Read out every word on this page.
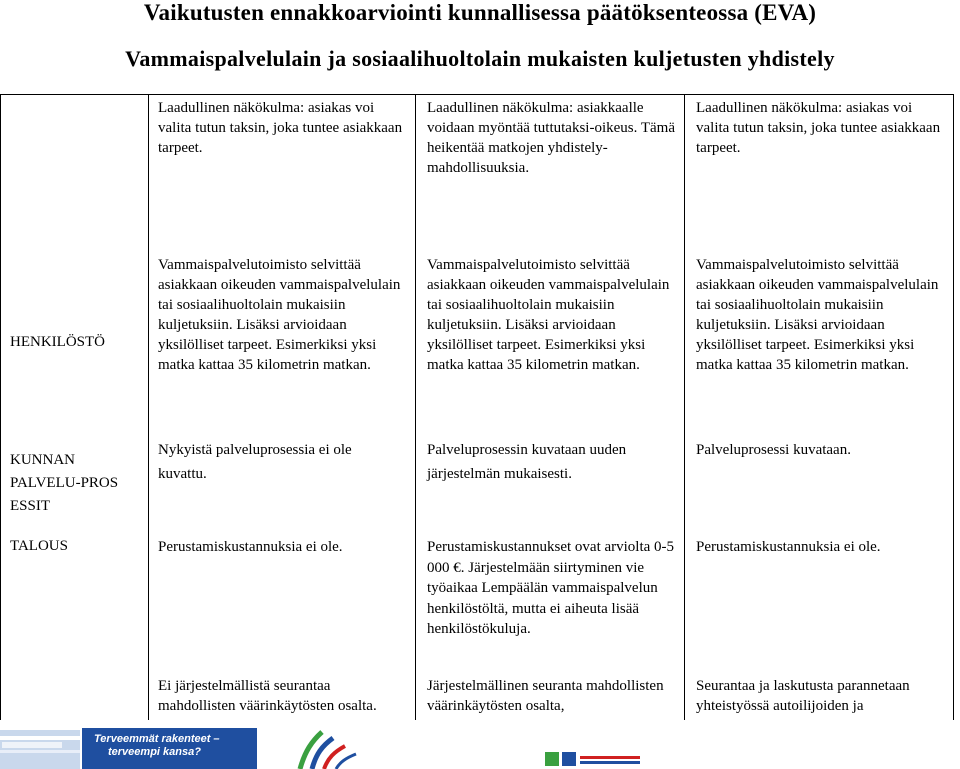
Vaikutusten ennakkoarviointi kunnallisessa päätöksenteossa (EVA)
Vammaispalvelulain ja sosiaalihuoltolain mukaisten kuljetusten yhdistely
Laadullinen näkökulma: asiakas voi valita tutun taksin, joka tuntee asiakkaan tarpeet.
Laadullinen näkökulma: asiakkaalle voidaan myöntää tuttutaksi-oikeus. Tämä heikentää matkojen yhdistely-mahdollisuuksia.
Laadullinen näkökulma: asiakas voi valita tutun taksin, joka tuntee asiakkaan tarpeet.
HENKILÖSTÖ
Vammaispalvelutoimisto selvittää asiakkaan oikeuden vammaispalvelulain tai sosiaalihuoltolain mukaisiin kuljetuksiin. Lisäksi arvioidaan yksilölliset tarpeet. Esimerkiksi yksi matka kattaa 35 kilometrin matkan.
Vammaispalvelutoimisto selvittää asiakkaan oikeuden vammaispalvelulain tai sosiaalihuoltolain mukaisiin kuljetuksiin. Lisäksi arvioidaan yksilölliset tarpeet. Esimerkiksi yksi matka kattaa 35 kilometrin matkan.
Vammaispalvelutoimisto selvittää asiakkaan oikeuden vammaispalvelulain tai sosiaalihuoltolain mukaisiin kuljetuksiin. Lisäksi arvioidaan yksilölliset tarpeet. Esimerkiksi yksi matka kattaa 35 kilometrin matkan.
KUNNAN PALVELU-PROS ESSIT
Nykyistä palveluprosessia ei ole kuvattu.
Palveluprosessin kuvataan uuden järjestelmän mukaisesti.
Palveluprosessi kuvataan.
TALOUS	Perustamiskustannuksia ei ole.	Perustamiskustannukset ovat arviolta 0-5 000 €. Järjestelmään siirtyminen vie työaikaa Lempäälän vammaispalvelun henkilöstöltä, mutta ei aiheuta lisää henkilöstökuluja.
Perustamiskustannuksia ei ole.
Ei järjestelmällistä seurantaa mahdollisten väärinkäytösten osalta.
Järjestelmällinen seuranta mahdollisten väärinkäytösten osalta,
Seurantaa ja laskutusta parannetaan yhteistyössä autoilijoiden ja
Terveemmät rakenteet –
terveempi kansa?
